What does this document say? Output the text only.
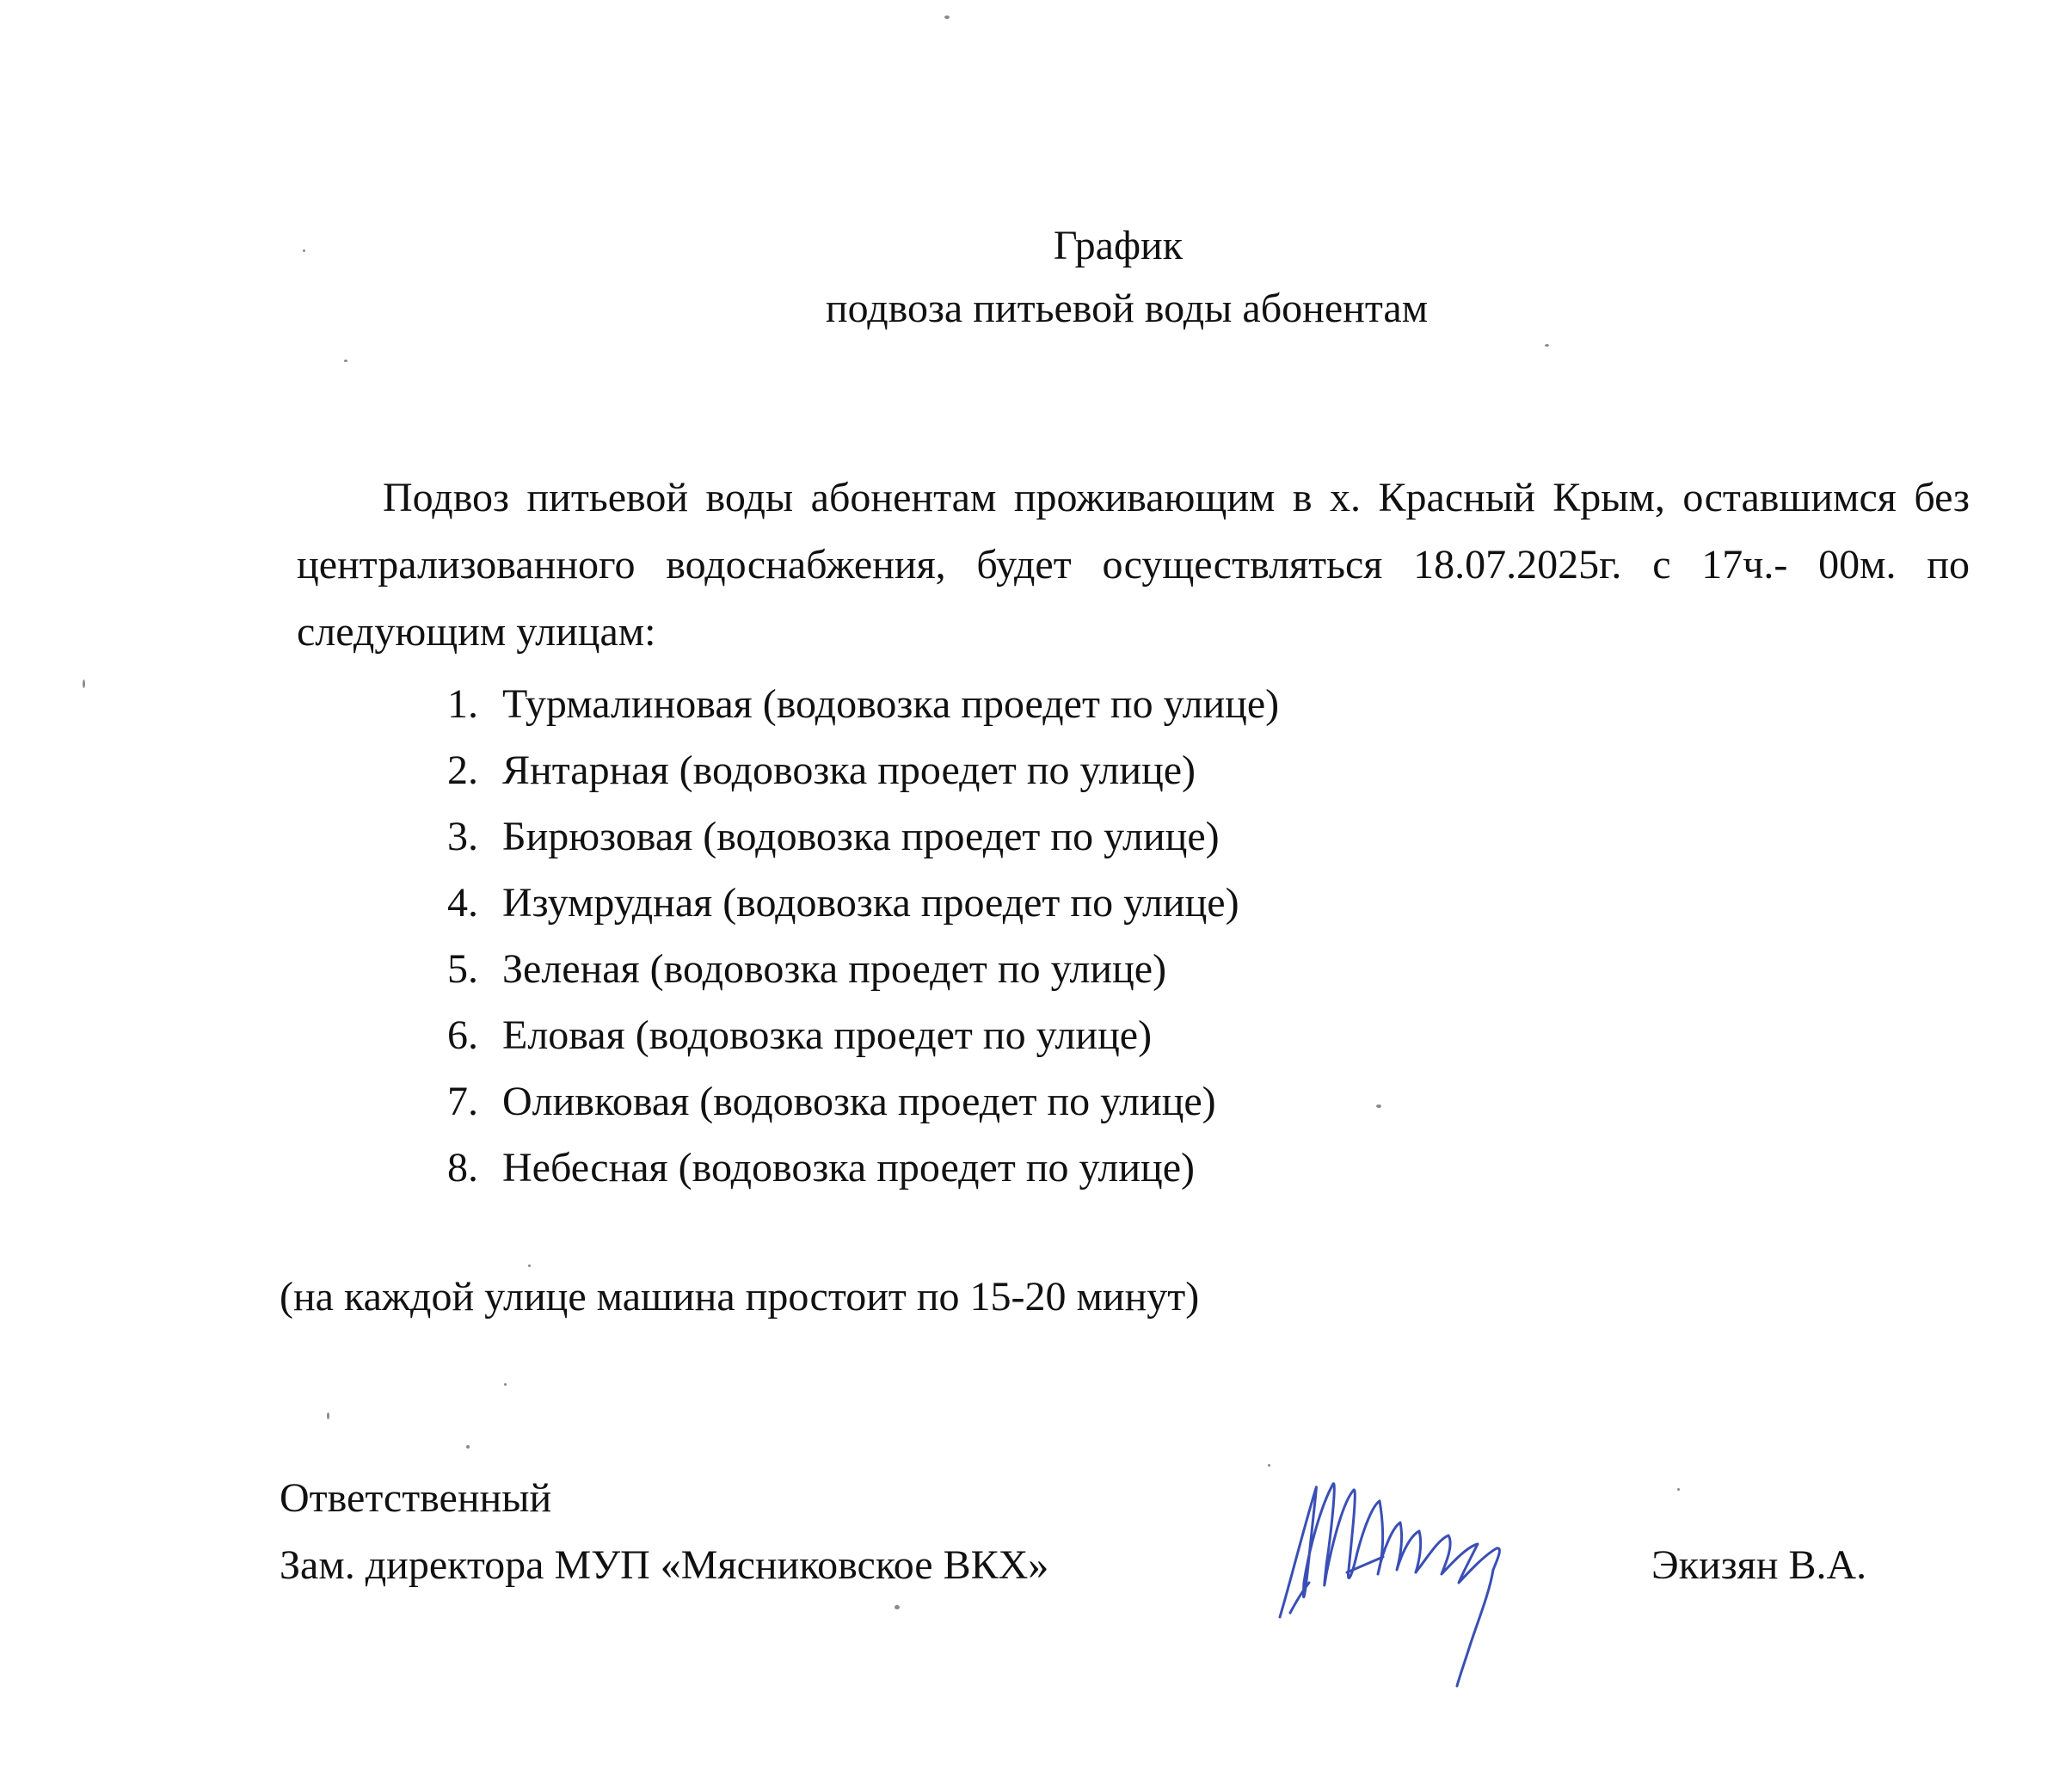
График
подвоза питьевой воды абонентам
Подвоз питьевой воды абонентам проживающим в х. Красный Крым, оставшимся без централизованного водоснабжения, будет осуществляться 18.07.2025г. с 17ч.- 00м. по следующим улицам:
1. Турмалиновая (водовозка проедет по улице)
2. Янтарная (водовозка проедет по улице)
3. Бирюзовая (водовозка проедет по улице)
4. Изумрудная (водовозка проедет по улице)
5. Зеленая (водовозка проедет по улице)
6. Еловая (водовозка проедет по улице)
7. Оливковая (водовозка проедет по улице)
8. Небесная (водовозка проедет по улице)
(на каждой улице машина простоит по 15-20 минут)
Ответственный
Зам. директора МУП «Мясниковское ВКХ»	Экизян В.А.
